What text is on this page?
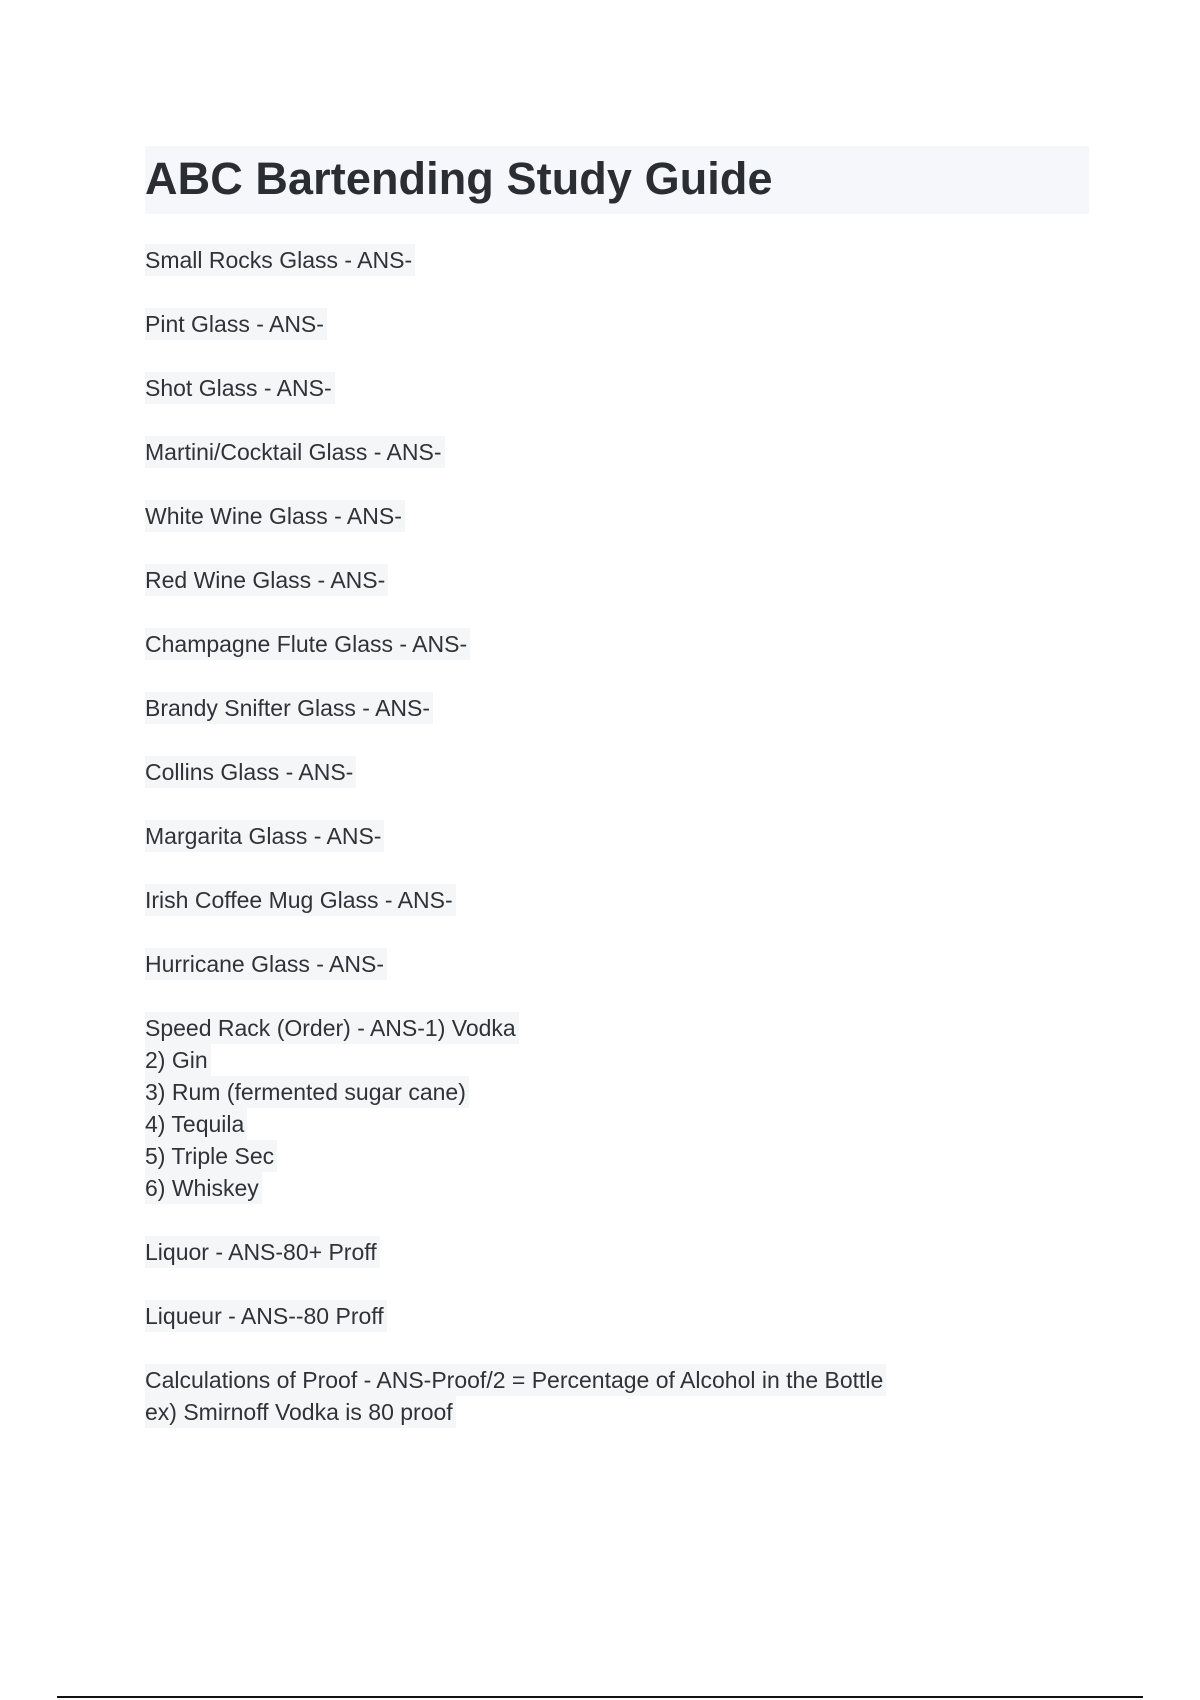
ABC Bartending Study Guide
Small Rocks Glass - ANS-
Pint Glass - ANS-
Shot Glass - ANS-
Martini/Cocktail Glass - ANS-
White Wine Glass - ANS-
Red Wine Glass - ANS-
Champagne Flute Glass - ANS-
Brandy Snifter Glass - ANS-
Collins Glass - ANS-
Margarita Glass - ANS-
Irish Coffee Mug Glass - ANS-
Hurricane Glass - ANS-
Speed Rack (Order) - ANS-1) Vodka
2) Gin
3) Rum (fermented sugar cane)
4) Tequila
5) Triple Sec
6) Whiskey
Liquor - ANS-80+ Proff
Liqueur - ANS--80 Proff
Calculations of Proof - ANS-Proof/2 = Percentage of Alcohol in the Bottle
ex) Smirnoff Vodka is 80 proof
